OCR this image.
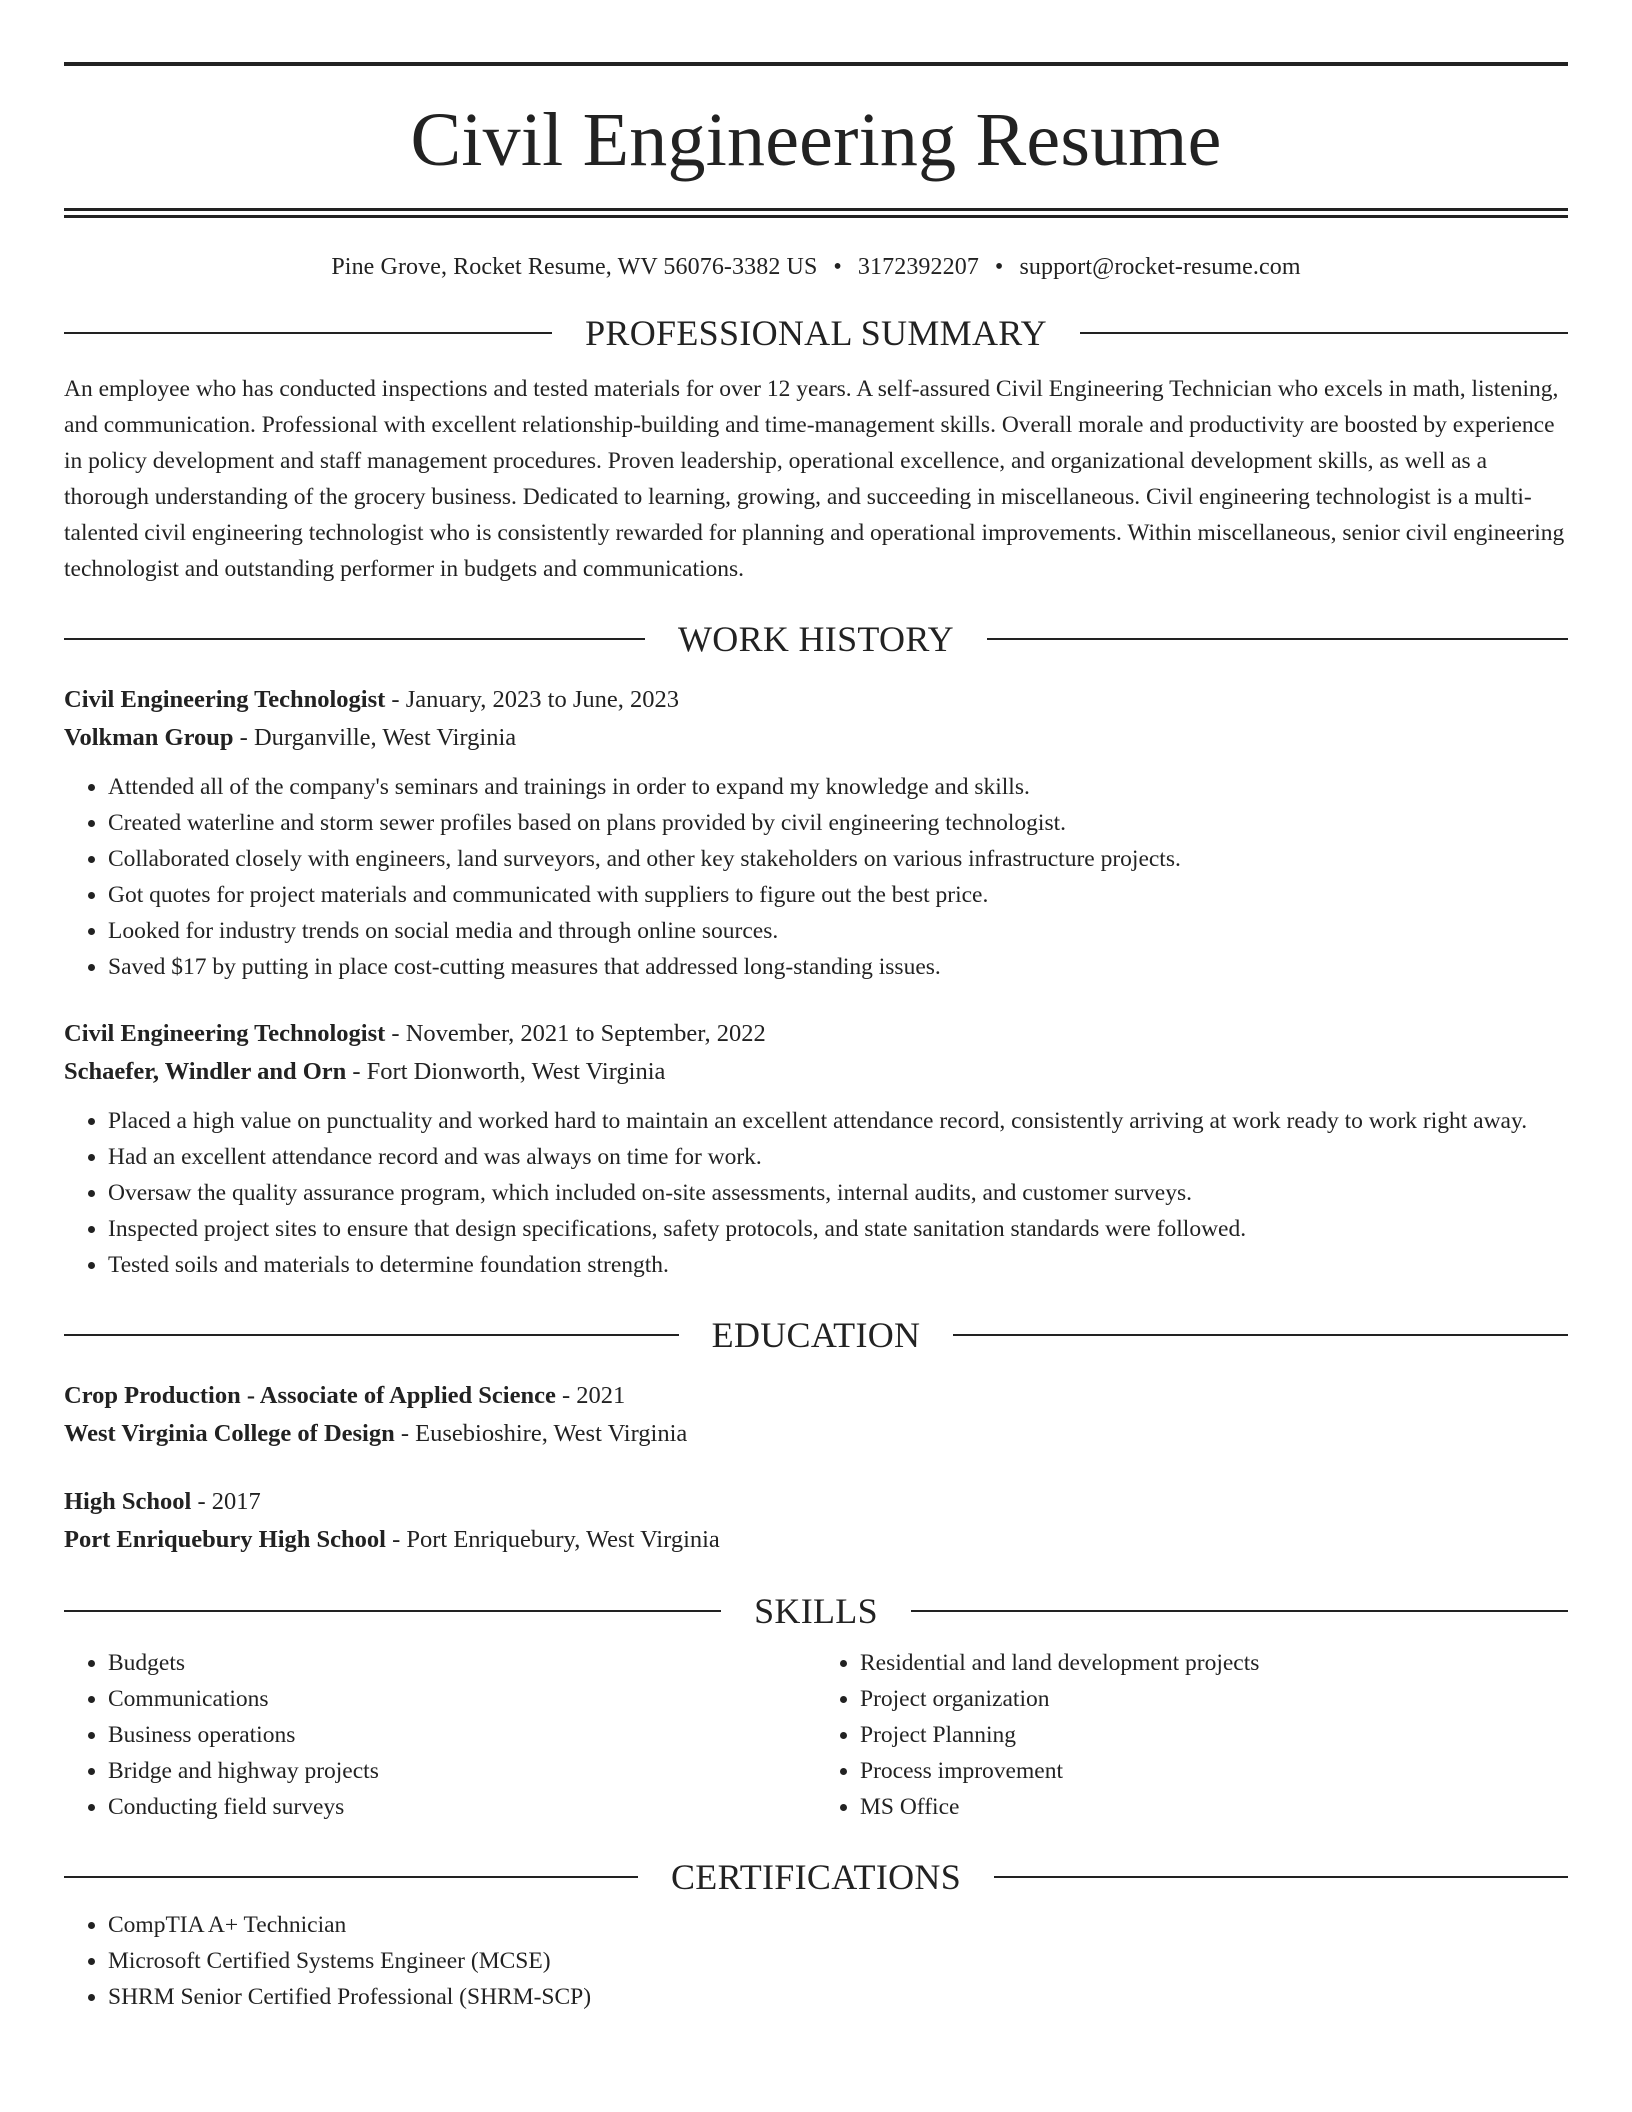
Civil Engineering Resume
Pine Grove, Rocket Resume, WV 56076-3382 US • 3172392207 • support@rocket-resume.com
PROFESSIONAL SUMMARY
An employee who has conducted inspections and tested materials for over 12 years. A self-assured Civil Engineering Technician who excels in math, listening, and communication. Professional with excellent relationship-building and time-management skills. Overall morale and productivity are boosted by experience in policy development and staff management procedures. Proven leadership, operational excellence, and organizational development skills, as well as a thorough understanding of the grocery business. Dedicated to learning, growing, and succeeding in miscellaneous. Civil engineering technologist is a multi-talented civil engineering technologist who is consistently rewarded for planning and operational improvements. Within miscellaneous, senior civil engineering technologist and outstanding performer in budgets and communications.
WORK HISTORY
Civil Engineering Technologist - January, 2023 to June, 2023
Volkman Group - Durganville, West Virginia
• Attended all of the company's seminars and trainings in order to expand my knowledge and skills.
• Created waterline and storm sewer profiles based on plans provided by civil engineering technologist.
• Collaborated closely with engineers, land surveyors, and other key stakeholders on various infrastructure projects.
• Got quotes for project materials and communicated with suppliers to figure out the best price.
• Looked for industry trends on social media and through online sources.
• Saved $17 by putting in place cost-cutting measures that addressed long-standing issues.
Civil Engineering Technologist - November, 2021 to September, 2022
Schaefer, Windler and Orn - Fort Dionworth, West Virginia
• Placed a high value on punctuality and worked hard to maintain an excellent attendance record, consistently arriving at work ready to work right away.
• Had an excellent attendance record and was always on time for work.
• Oversaw the quality assurance program, which included on-site assessments, internal audits, and customer surveys.
• Inspected project sites to ensure that design specifications, safety protocols, and state sanitation standards were followed.
• Tested soils and materials to determine foundation strength.
EDUCATION
Crop Production - Associate of Applied Science - 2021
West Virginia College of Design - Eusebioshire, West Virginia
High School - 2017
Port Enriquebury High School - Port Enriquebury, West Virginia
SKILLS
• Budgets
• Communications
• Business operations
• Bridge and highway projects
• Conducting field surveys
• Residential and land development projects
• Project organization
• Project Planning
• Process improvement
• MS Office
CERTIFICATIONS
• CompTIA A+ Technician
• Microsoft Certified Systems Engineer (MCSE)
• SHRM Senior Certified Professional (SHRM-SCP)
